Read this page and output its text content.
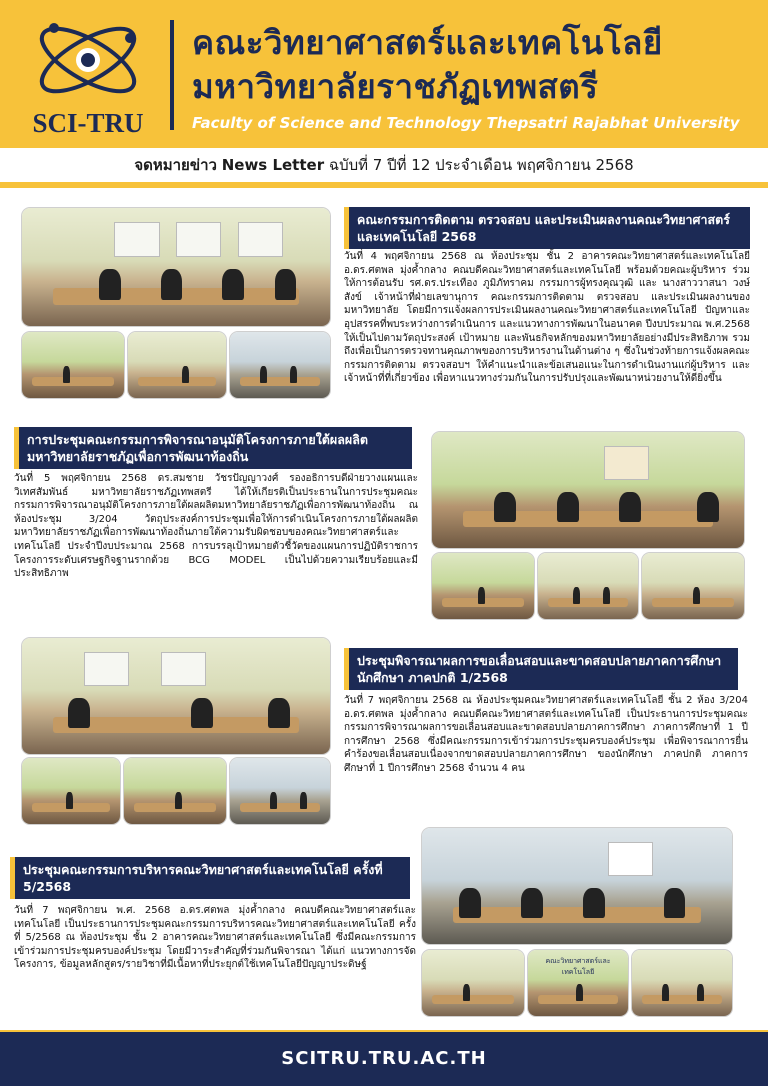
SCI-TRU
คณะวิทยาศาสตร์และเทคโนโลยี
มหาวิทยาลัยราชภัฏเทพสตรี
Faculty of Science and Technology Thepsatri Rajabhat University
จดหมายข่าว News Letter ฉบับที่ 7 ปีที่ 12 ประจำเดือน พฤศจิกายน 2568
คณะกรรมการติดตาม ตรวจสอบ และประเมินผลงานคณะวิทยาศาสตร์และเทคโนโลยี 2568
วันที่ 4 พฤศจิกายน 2568 ณ ห้องประชุม ชั้น 2 อาคารคณะวิทยาศาสตร์และเทคโนโลยี อ.ดร.ศตพล มุ่งค้ำกลาง คณบดีคณะวิทยาศาสตร์และเทคโนโลยี พร้อมด้วยคณะผู้บริหาร ร่วมให้การต้อนรับ รศ.ดร.ประเทือง ภูมิภัทราคม กรรมการผู้ทรงคุณวุฒิ และ นางสาววาสนา วงษ์สังข์ เจ้าหน้าที่ฝ่ายเลขานุการ คณะกรรมการติดตาม ตรวจสอบ และประเมินผลงานของมหาวิทยาลัย โดยมีการแจ้งผลการประเมินผลงานคณะวิทยาศาสตร์และเทคโนโลยี ปัญหาและอุปสรรคที่พบระหว่างการดำเนินการ และแนวทางการพัฒนาในอนาคต ปีงบประมาณ พ.ศ.2568 ให้เป็นไปตามวัตถุประสงค์ เป้าหมาย และพันธกิจหลักของมหาวิทยาลัยอย่างมีประสิทธิภาพ รวมถึงเพื่อเป็นการตรวจทานคุณภาพของการบริหารงานในด้านต่าง ๆ ซึ่งในช่วงท้ายการแจ้งผลคณะกรรมการติดตาม ตรวจสอบฯ ให้คำแนะนำและข้อเสนอแนะในการดำเนินงานแก่ผู้บริหาร และเจ้าหน้าที่ที่เกี่ยวข้อง เพื่อหาแนวทางร่วมกันในการปรับปรุงและพัฒนาหน่วยงานให้ดียิ่งขึ้น
การประชุมคณะกรรมการพิจารณาอนุมัติโครงการภายใต้ผลผลิตมหาวิทยาลัยราชภัฏเพื่อการพัฒนาท้องถิ่น
วันที่ 5 พฤศจิกายน 2568 ดร.สมชาย วัชรปัญญาวงศ์ รองอธิการบดีฝ่ายวางแผนและวิเทศสัมพันธ์ มหาวิทยาลัยราชภัฏเทพสตรี ได้ให้เกียรติเป็นประธานในการประชุมคณะกรรมการพิจารณาอนุมัติโครงการภายใต้ผลผลิตมหาวิทยาลัยราชภัฏเพื่อการพัฒนาท้องถิ่น ณ ห้องประชุม 3/204 วัตถุประสงค์การประชุมเพื่อให้การดำเนินโครงการภายใต้ผลผลิตมหาวิทยาลัยราชภัฏเพื่อการพัฒนาท้องถิ่นภายใต้ความรับผิดชอบของคณะวิทยาศาสตร์และเทคโนโลยี ประจำปีงบประมาณ 2568 การบรรลุเป้าหมายตัวชี้วัดของแผนการปฏิบัติราชการ โครงการระดับเศรษฐกิจฐานรากด้วย BCG MODEL เป็นไปด้วยความเรียบร้อยและมีประสิทธิภาพ
ประชุมพิจารณาผลการขอเลื่อนสอบและขาดสอบปลายภาคการศึกษานักศึกษา ภาคปกติ 1/2568
วันที่ 7 พฤศจิกายน 2568 ณ ห้องประชุมคณะวิทยาศาสตร์และเทคโนโลยี ชั้น 2 ห้อง 3/204 อ.ดร.ศตพล มุ่งค้ำกลาง คณบดีคณะวิทยาศาสตร์และเทคโนโลยี เป็นประธานการประชุมคณะกรรมการพิจารณาผลการขอเลื่อนสอบและขาดสอบปลายภาคการศึกษา ภาคการศึกษาที่ 1 ปีการศึกษา 2568 ซึ่งมีคณะกรรมการเข้าร่วมการประชุมครบองค์ประชุม เพื่อพิจารณาการยื่นคำร้องขอเลื่อนสอบเนื่องจากขาดสอบปลายภาคการศึกษา ของนักศึกษา ภาคปกติ ภาคการศึกษาที่ 1 ปีการศึกษา 2568 จำนวน 4 คน
ประชุมคณะกรรมการบริหารคณะวิทยาศาสตร์และเทคโนโลยี ครั้งที่ 5/2568
วันที่ 7 พฤศจิกายน พ.ศ. 2568 อ.ดร.ศตพล มุ่งค้ำกลาง คณบดีคณะวิทยาศาสตร์และเทคโนโลยี เป็นประธานการประชุมคณะกรรมการบริหารคณะวิทยาศาสตร์และเทคโนโลยี ครั้งที่ 5/2568 ณ ห้องประชุม ชั้น 2 อาคารคณะวิทยาศาสตร์และเทคโนโลยี ซึ่งมีคณะกรรมการเข้าร่วมการประชุมครบองค์ประชุม โดยมีวาระสำคัญที่ร่วมกันพิจารณา ได้แก่ แนวทางการจัดโครงการ, ข้อมูลหลักสูตร/รายวิชาที่มีเนื้อหาที่ประยุกต์ใช้เทคโนโลยีปัญญาประดิษฐ์	คณะวิทยาศาสตร์และเทคโนโลยี
SCITRU.TRU.AC.TH
